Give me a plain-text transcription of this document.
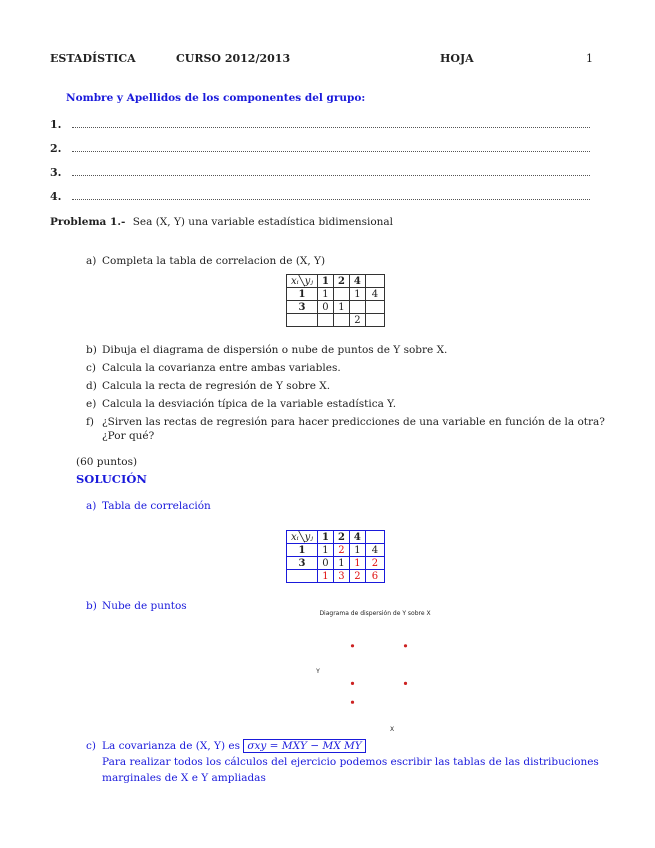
ESTADÍSTICA	CURSO 2012/2013	HOJA	1
Nombre y Apellidos de los componentes del grupo:
1.
2.
3.
4.
Problema 1.- Sea (X, Y) una variable estadística bidimensional
a) Completa la tabla de correlacion de (X, Y)
xᵢ╲yⱼ	1	2	4	
1	1		1	4
3	0	1		
			2	
b) Dibuja el diagrama de dispersión o nube de puntos de Y sobre X.
c) Calcula la covarianza entre ambas variables.
d) Calcula la recta de regresión de Y sobre X.
e) Calcula la desviación típica de la variable estadística Y.
f) ¿Sirven las rectas de regresión para hacer predicciones de una variable en función de la otra?
¿Por qué?
(60 puntos)
SOLUCIÓN
a) Tabla de correlación
xᵢ╲yⱼ	1	2	4	
1	1	2	1	4
3	0	1	1	2
	1	3	2	6
b) Nube de puntos
Diagrama de dispersión de Y sobre X
Y
X
c) La covarianza de (X, Y) es σxy = MXY − MX MY
Para realizar todos los cálculos del ejercicio podemos escribir las tablas de las distribuciones
marginales de X e Y ampliadas
